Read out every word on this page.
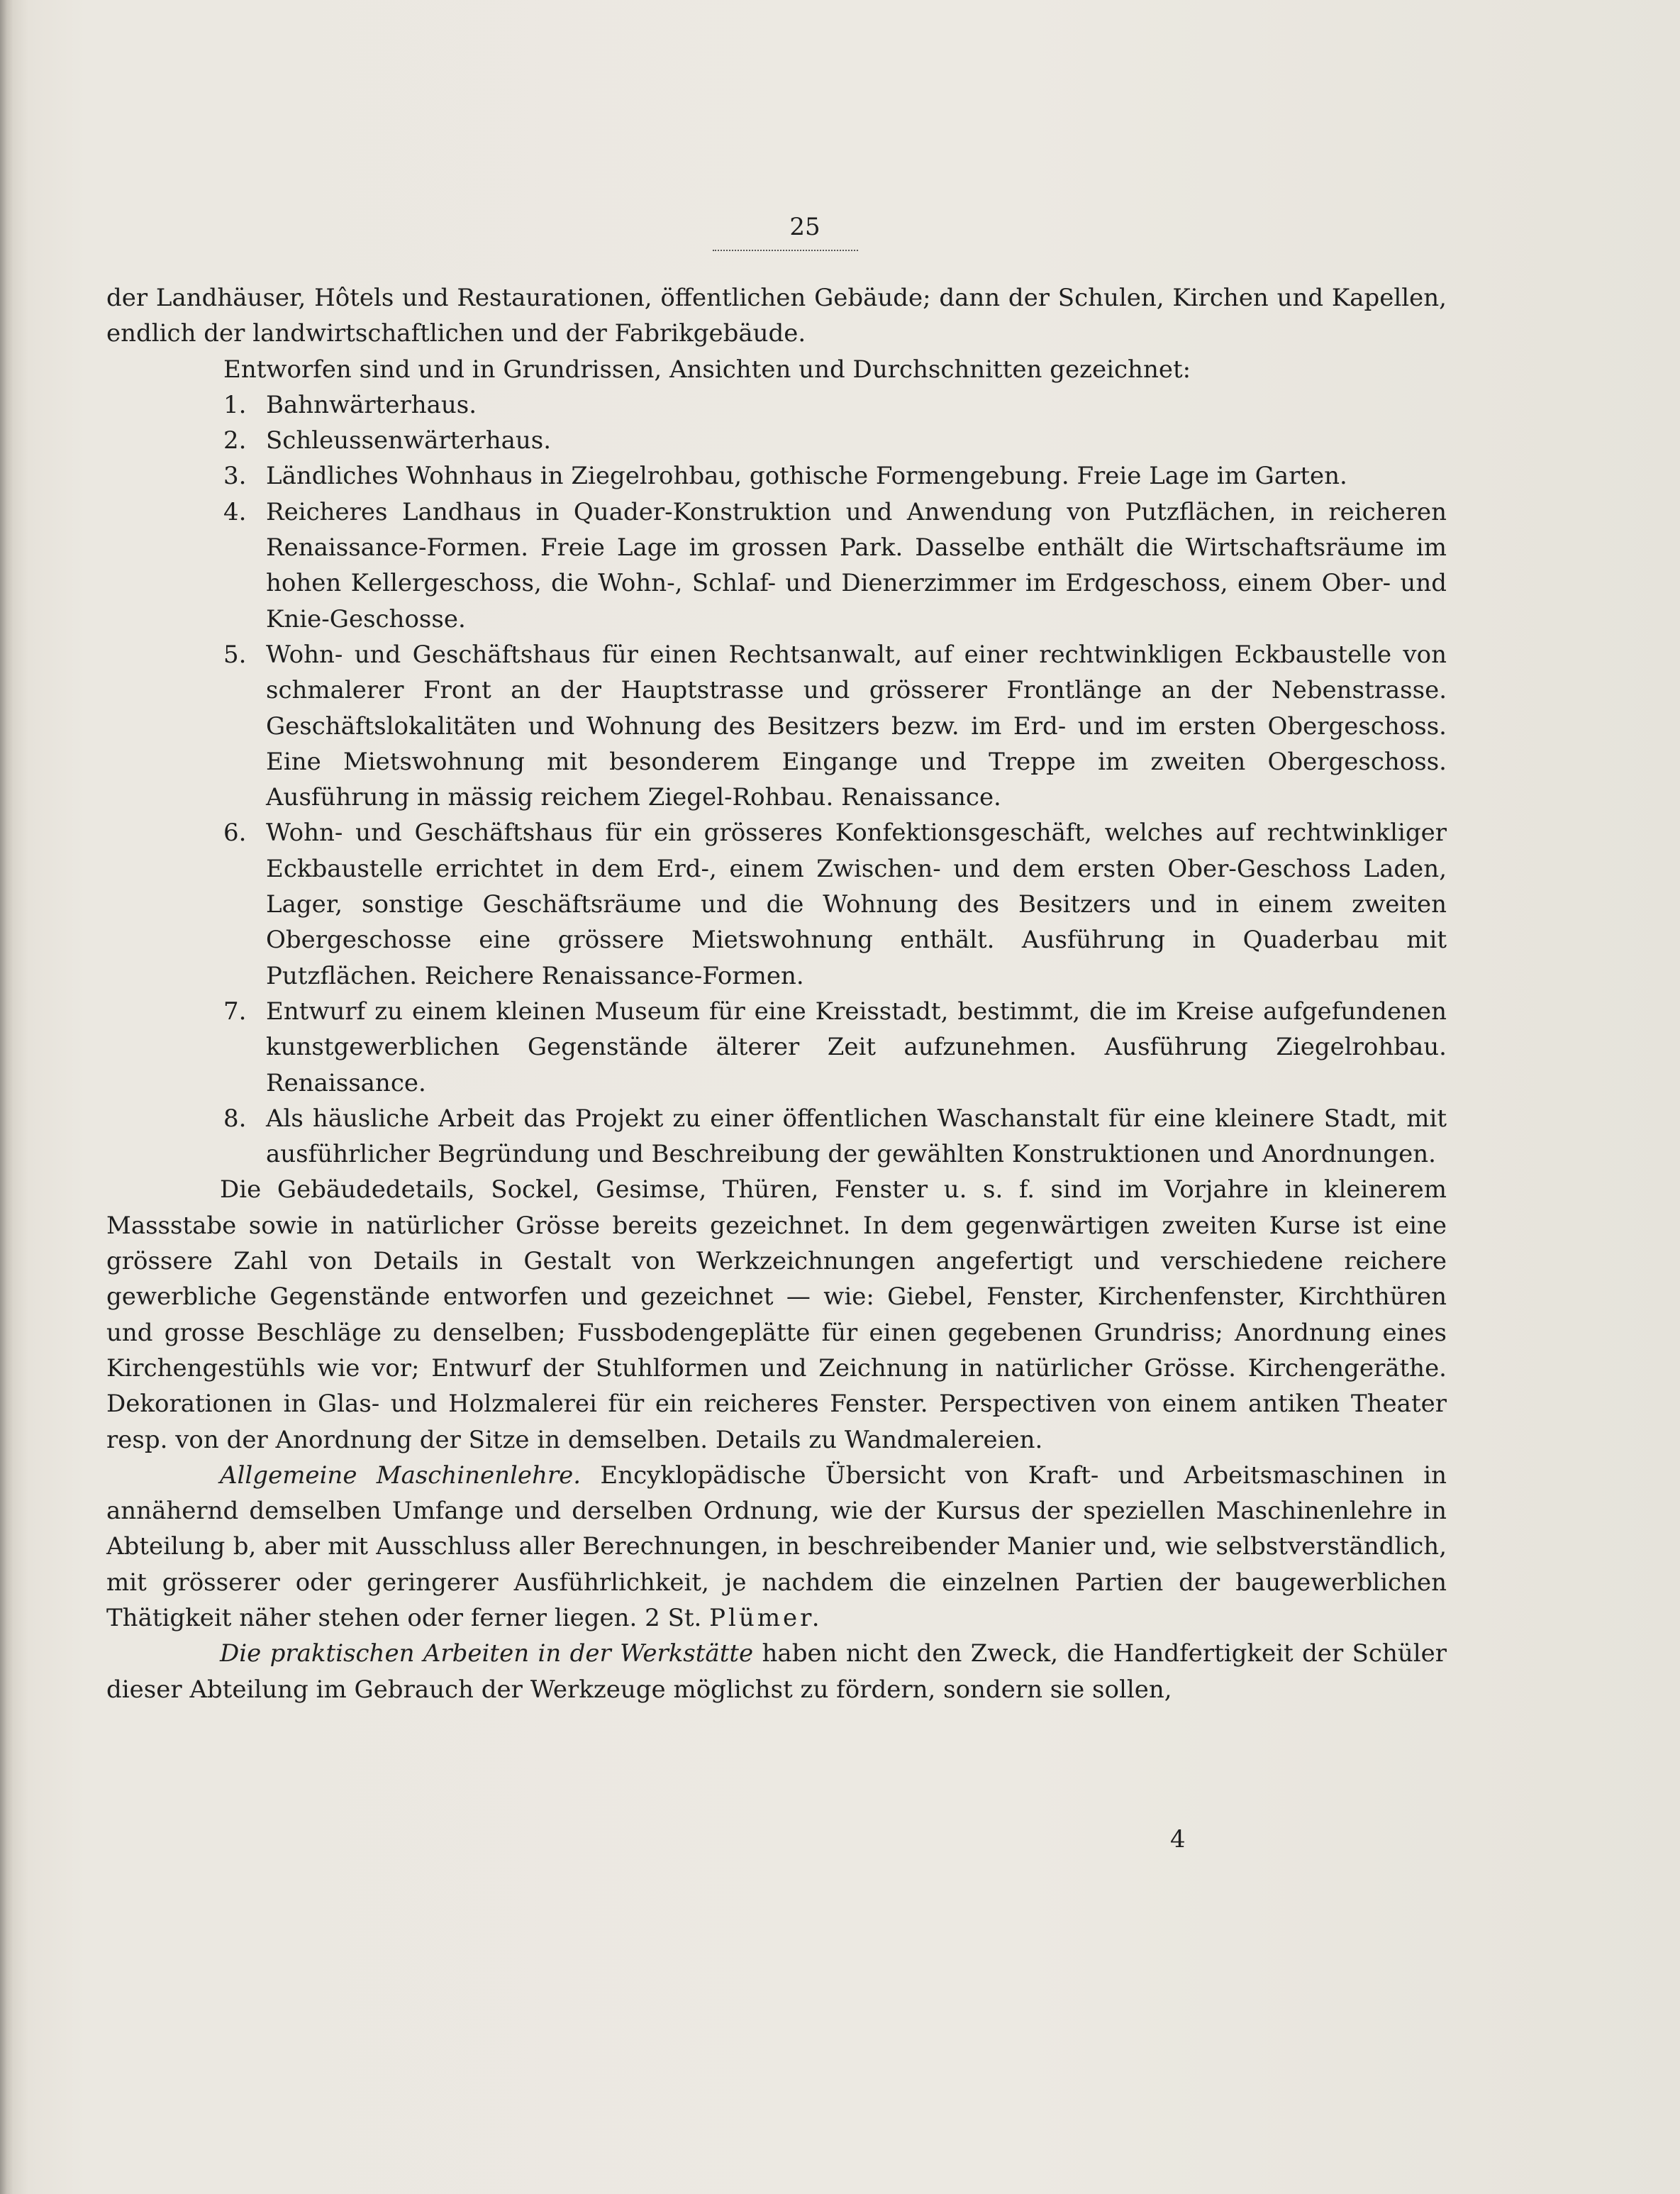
25

der Landhäuser, Hôtels und Restaurationen, öffentlichen Gebäude; dann der Schulen, Kirchen und Kapellen, endlich der landwirtschaftlichen und der Fabrikgebäude.

Entworfen sind und in Grundrissen, Ansichten und Durchschnitten gezeichnet:

1. Bahnwärterhaus.

2. Schleussenwärterhaus.

3. Ländliches Wohnhaus in Ziegelrohbau, gothische Formengebung. Freie Lage im Garten.

4. Reicheres Landhaus in Quader-Konstruktion und Anwendung von Putzflächen, in reicheren Renaissance-Formen. Freie Lage im grossen Park. Dasselbe enthält die Wirtschaftsräume im hohen Kellergeschoss, die Wohn-, Schlaf- und Dienerzimmer im Erdgeschoss, einem Ober- und Knie-Geschosse.

5. Wohn- und Geschäftshaus für einen Rechtsanwalt, auf einer rechtwinkligen Eckbaustelle von schmalerer Front an der Hauptstrasse und grösserer Frontlänge an der Nebenstrasse. Geschäftslokalitäten und Wohnung des Besitzers bezw. im Erd- und im ersten Obergeschoss. Eine Mietswohnung mit besonderem Eingange und Treppe im zweiten Obergeschoss. Ausführung in mässig reichem Ziegel-Rohbau. Renaissance.

6. Wohn- und Geschäftshaus für ein grösseres Konfektionsgeschäft, welches auf rechtwinkliger Eckbaustelle errichtet in dem Erd-, einem Zwischen- und dem ersten Ober-Geschoss Laden, Lager, sonstige Geschäftsräume und die Wohnung des Besitzers und in einem zweiten Obergeschosse eine grössere Mietswohnung enthält. Ausführung in Quaderbau mit Putzflächen. Reichere Renaissance-Formen.

7. Entwurf zu einem kleinen Museum für eine Kreisstadt, bestimmt, die im Kreise aufgefundenen kunstgewerblichen Gegenstände älterer Zeit aufzunehmen. Ausführung Ziegelrohbau. Renaissance.

8. Als häusliche Arbeit das Projekt zu einer öffentlichen Waschanstalt für eine kleinere Stadt, mit ausführlicher Begründung und Beschreibung der gewählten Konstruktionen und Anordnungen.

Die Gebäudedetails, Sockel, Gesimse, Thüren, Fenster u. s. f. sind im Vorjahre in kleinerem Massstabe sowie in natürlicher Grösse bereits gezeichnet. In dem gegenwärtigen zweiten Kurse ist eine grössere Zahl von Details in Gestalt von Werkzeichnungen angefertigt und verschiedene reichere gewerbliche Gegenstände entworfen und gezeichnet — wie: Giebel, Fenster, Kirchenfenster, Kirchthüren und grosse Beschläge zu denselben; Fussbodengeplätte für einen gegebenen Grundriss; Anordnung eines Kirchengestühls wie vor; Entwurf der Stuhlformen und Zeichnung in natürlicher Grösse. Kirchengeräthe. Dekorationen in Glas- und Holzmalerei für ein reicheres Fenster. Perspectiven von einem antiken Theater resp. von der Anordnung der Sitze in demselben. Details zu Wandmalereien.

Allgemeine Maschinenlehre. Encyklopädische Übersicht von Kraft- und Arbeitsmaschinen in annähernd demselben Umfange und derselben Ordnung, wie der Kursus der speziellen Maschinenlehre in Abteilung b, aber mit Ausschluss aller Berechnungen, in beschreibender Manier und, wie selbstverständlich, mit grösserer oder geringerer Ausführlichkeit, je nachdem die einzelnen Partien der baugewerblichen Thätigkeit näher stehen oder ferner liegen. 2 St. Plümer.

Die praktischen Arbeiten in der Werkstätte haben nicht den Zweck, die Handfertigkeit der Schüler dieser Abteilung im Gebrauch der Werkzeuge möglichst zu fördern, sondern sie sollen,

4
